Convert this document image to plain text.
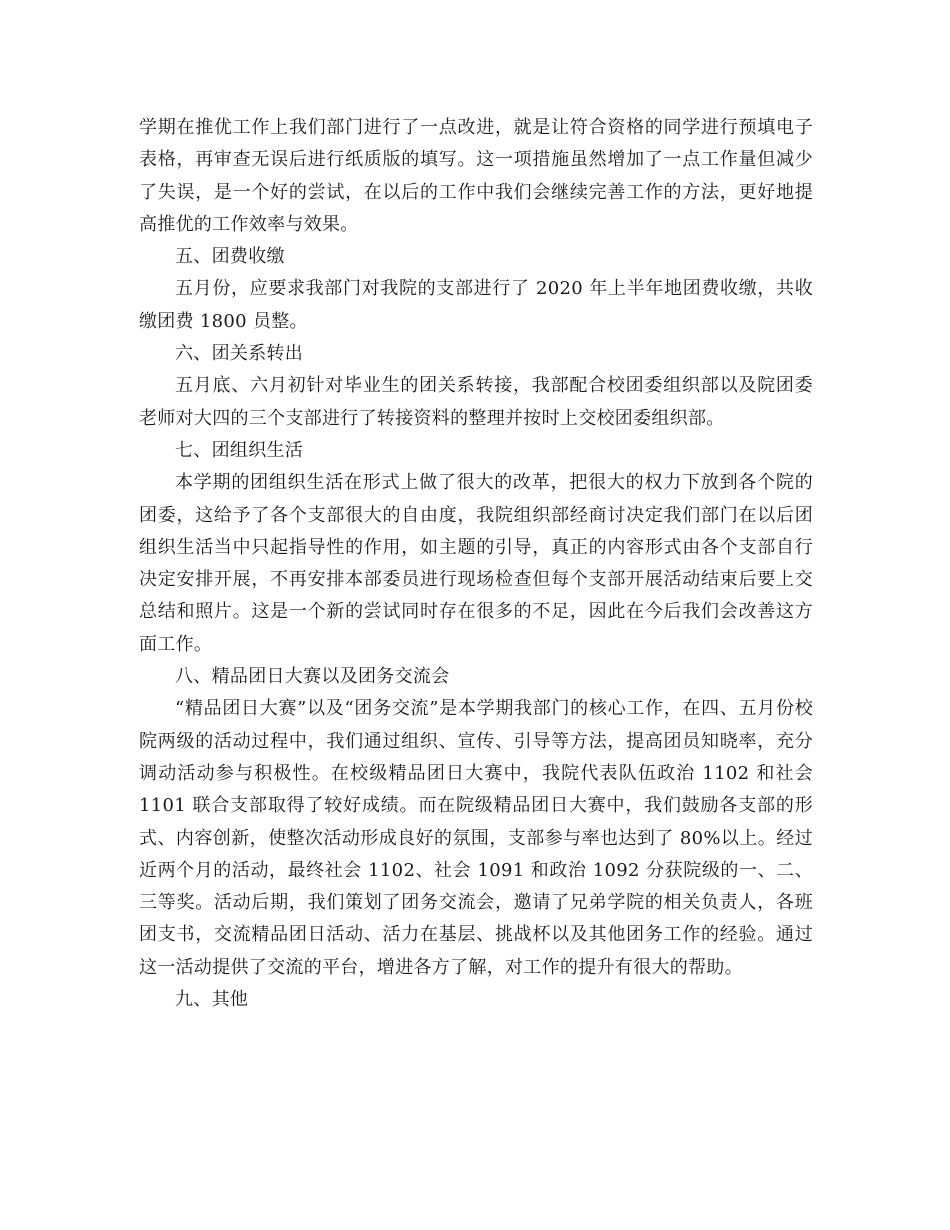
学期在推优工作上我们部门进行了一点改进，就是让符合资格的同学进行预填电子表格，再审查无误后进行纸质版的填写。这一项措施虽然增加了一点工作量但减少了失误，是一个好的尝试，在以后的工作中我们会继续完善工作的方法，更好地提高推优的工作效率与效果。

五、团费收缴

五月份，应要求我部门对我院的支部进行了 2020 年上半年地团费收缴，共收缴团费 1800 员整。

六、团关系转出

五月底、六月初针对毕业生的团关系转接，我部配合校团委组织部以及院团委老师对大四的三个支部进行了转接资料的整理并按时上交校团委组织部。

七、团组织生活

本学期的团组织生活在形式上做了很大的改革，把很大的权力下放到各个院的团委，这给予了各个支部很大的自由度，我院组织部经商讨决定我们部门在以后团组织生活当中只起指导性的作用，如主题的引导，真正的内容形式由各个支部自行决定安排开展，不再安排本部委员进行现场检查但每个支部开展活动结束后要上交总结和照片。这是一个新的尝试同时存在很多的不足，因此在今后我们会改善这方面工作。

八、精品团日大赛以及团务交流会

“精品团日大赛”以及“团务交流”是本学期我部门的核心工作，在四、五月份校院两级的活动过程中，我们通过组织、宣传、引导等方法，提高团员知晓率，充分调动活动参与积极性。在校级精品团日大赛中，我院代表队伍政治 1102 和社会 1101 联合支部取得了较好成绩。而在院级精品团日大赛中，我们鼓励各支部的形式、内容创新，使整次活动形成良好的氛围，支部参与率也达到了 80%以上。经过近两个月的活动，最终社会 1102、社会 1091 和政治 1092 分获院级的一、二、三等奖。活动后期，我们策划了团务交流会，邀请了兄弟学院的相关负责人，各班团支书，交流精品团日活动、活力在基层、挑战杯以及其他团务工作的经验。通过这一活动提供了交流的平台，增进各方了解，对工作的提升有很大的帮助。

九、其他
